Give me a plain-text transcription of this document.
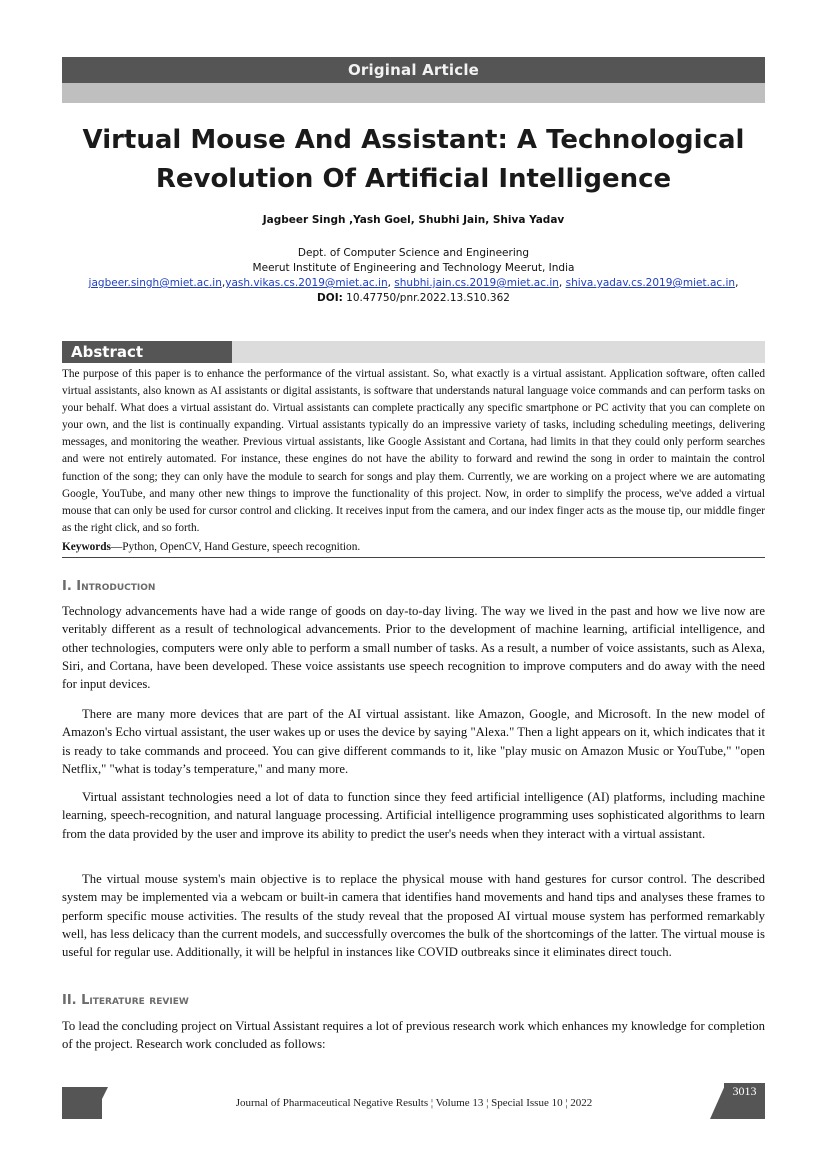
Original Article
Virtual Mouse And Assistant: A Technological
Revolution Of Artificial Intelligence
Jagbeer Singh ,Yash Goel, Shubhi Jain, Shiva Yadav
Dept. of Computer Science and Engineering
Meerut Institute of Engineering and Technology Meerut, India
jagbeer.singh@miet.ac.in,yash.vikas.cs.2019@miet.ac.in, shubhi.jain.cs.2019@miet.ac.in, shiva.yadav.cs.2019@miet.ac.in,
DOI: 10.47750/pnr.2022.13.S10.362
Abstract

The purpose of this paper is to enhance the performance of the virtual assistant. So, what exactly is a virtual assistant. Application software, often called virtual assistants, also known as AI assistants or digital assistants, is software that understands natural language voice commands and can perform tasks on your behalf. What does a virtual assistant do. Virtual assistants can complete practically any specific smartphone or PC activity that you can complete on your own, and the list is continually expanding. Virtual assistants typically do an impressive variety of tasks, including scheduling meetings, delivering messages, and monitoring the weather. Previous virtual assistants, like Google Assistant and Cortana, had limits in that they could only perform searches and were not entirely automated. For instance, these engines do not have the ability to forward and rewind the song in order to maintain the control function of the song; they can only have the module to search for songs and play them. Currently, we are working on a project where we are automating Google, YouTube, and many other new things to improve the functionality of this project. Now, in order to simplify the process, we've added a virtual mouse that can only be used for cursor control and clicking. It receives input from the camera, and our index finger acts as the mouse tip, our middle finger as the right click, and so forth.

Keywords—Python, OpenCV, Hand Gesture, speech recognition.

I. Introduction

Technology advancements have had a wide range of goods on day-to-day living. The way we lived in the past and how we live now are veritably different as a result of technological advancements. Prior to the development of machine learning, artificial intelligence, and other technologies, computers were only able to perform a small number of tasks. As a result, a number of voice assistants, such as Alexa, Siri, and Cortana, have been developed. These voice assistants use speech recognition to improve computers and do away with the need for input devices.

There are many more devices that are part of the AI virtual assistant. like Amazon, Google, and Microsoft. In the new model of Amazon's Echo virtual assistant, the user wakes up or uses the device by saying "Alexa." Then a light appears on it, which indicates that it is ready to take commands and proceed. You can give different commands to it, like "play music on Amazon Music or YouTube," "open Netflix," "what is today’s temperature," and many more.

Virtual assistant technologies need a lot of data to function since they feed artificial intelligence (AI) platforms, including machine learning, speech-recognition, and natural language processing. Artificial intelligence programming uses sophisticated algorithms to learn from the data provided by the user and improve its ability to predict the user's needs when they interact with a virtual assistant.

The virtual mouse system's main objective is to replace the physical mouse with hand gestures for cursor control. The described system may be implemented via a webcam or built-in camera that identifies hand movements and hand tips and analyses these frames to perform specific mouse activities. The results of the study reveal that the proposed AI virtual mouse system has performed remarkably well, has less delicacy than the current models, and successfully overcomes the bulk of the shortcomings of the latter. The virtual mouse is useful for regular use. Additionally, it will be helpful in instances like COVID outbreaks since it eliminates direct touch.

II. Literature review

To lead the concluding project on Virtual Assistant requires a lot of previous research work which enhances my knowledge for completion of the project. Research work concluded as follows:

Journal of Pharmaceutical Negative Results ¦ Volume 13 ¦ Special Issue 10 ¦ 2022
3013
